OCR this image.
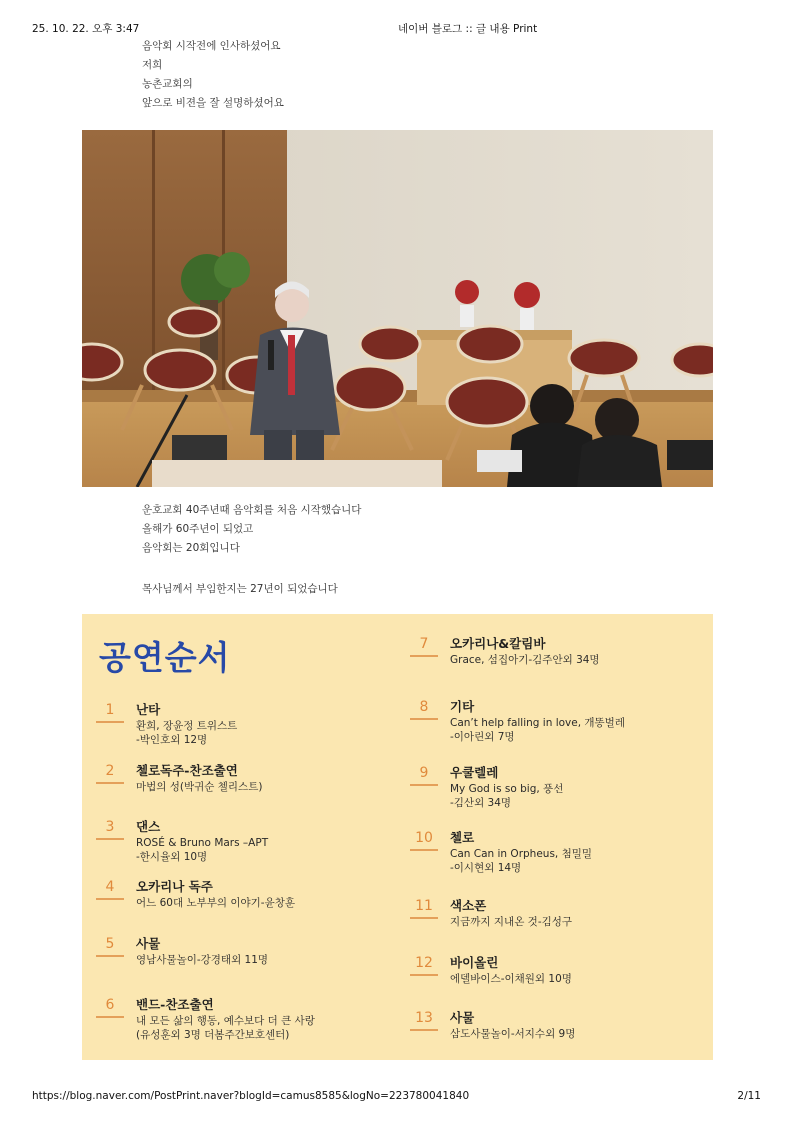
25. 10. 22. 오후 3:47	네이버 블로그 :: 글 내용 Print
음악회 시작전에 인사하셨어요
저희
농촌교회의
앞으로 비젼을 잘 설명하셨어요
운호교회 40주년때 음악회를 처음 시작했습니다
올해가 60주년이 되었고
음악회는 20회입니다
목사님께서 부임한지는 27년이 되었습니다
공연순서
1	난타
환희, 장윤정 트위스트
-박인호외 12명
2	첼로독주-찬조출연
마법의 성(박귀순 첼리스트)
3	댄스
ROSÉ & Bruno Mars –APT
-한시율외 10명
4	오카리나 독주
어느 60대 노부부의 이야기-윤창훈
5	사물
영남사물놀이-강경태외 11명
6	밴드-찬조출연
내 모든 삶의 행동, 예수보다 더 큰 사랑
(유성훈외 3명 더봄주간보호센터)
7	오카리나&칼림바
Grace, 섬집아기-김주안외 34명
8	기타
Can’t help falling in love, 개똥벌레
-이아린외 7명
9	우쿨렐레
My God is so big, 풍선
-김산외 34명
10	첼로
Can Can in Orpheus, 첨밀밀
-이시현외 14명
11	색소폰
지금까지 지내온 것-김성구
12	바이올린
에델바이스-이채원외 10명
13	사물
삼도사물놀이-서지수외 9명
https://blog.naver.com/PostPrint.naver?blogId=camus8585&logNo=223780041840	2/11
